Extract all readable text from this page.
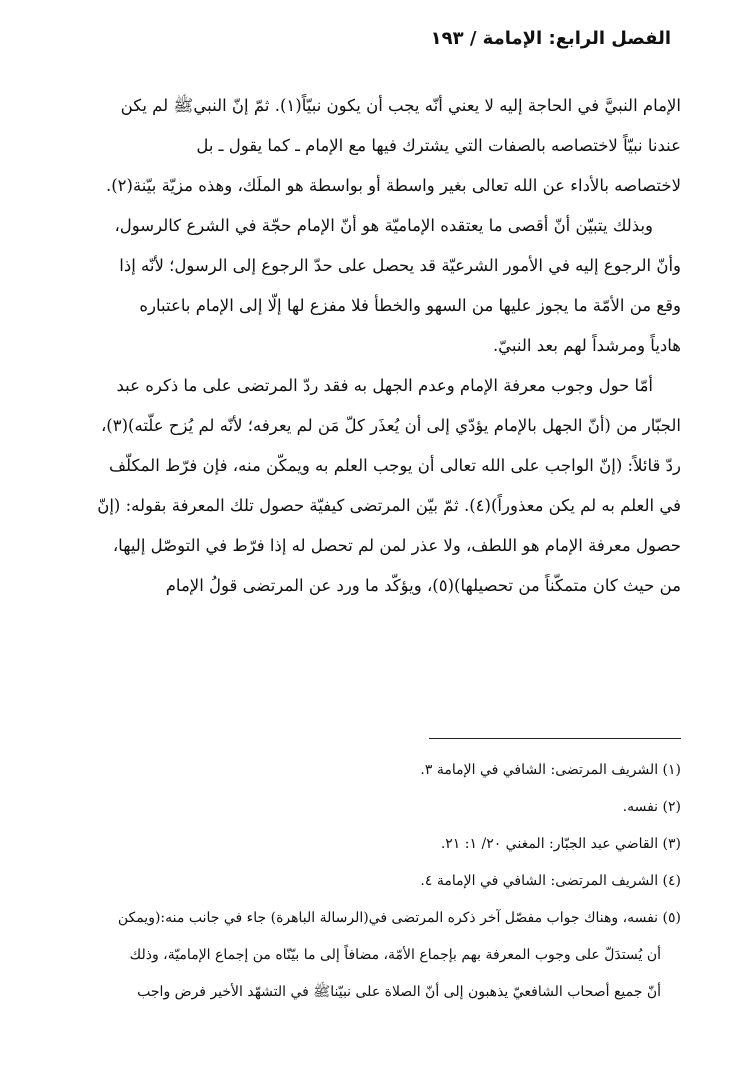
الفصل الرابع: الإمامة / ١٩٣
الإمام النبيَّ في الحاجة إليه لا يعني أنّه يجب أن يكون نبيّاً(١). ثمّ إنّ النبيﷺ لم يكن
عندنا نبيّاً لاختصاصه بالصفات التي يشترك فيها مع الإمام ـ كما يقول ـ بل
لاختصاصه بالأداء عن الله تعالى بغير واسطة أو بواسطة هو الملَك، وهذه مزيّة بيّنة(٢).
وبذلك يتبيّن أنّ أقصى ما يعتقده الإماميّة هو أنّ الإمام حجّة في الشرع كالرسول،
وأنّ الرجوع إليه في الأمور الشرعيّة قد يحصل على حدّ الرجوع إلى الرسول؛ لأنّه إذا
وقع من الأمّة ما يجوز عليها من السهو والخطأ فلا مفزع لها إلّا إلى الإمام باعتباره
هادياً ومرشداً لهم بعد النبيّ.
أمّا حول وجوب معرفة الإمام وعدم الجهل به فقد ردّ المرتضى على ما ذكره عبد
الجبّار من (أنّ الجهل بالإمام يؤدّي إلى أن يُعذَر كلّ مَن لم يعرفه؛ لأنّه لم يُزح علّته)(٣)،
ردّ قائلاً: (إنّ الواجب على الله تعالى أن يوجب العلم به ويمكّن منه، فإن فرّط المكلّف
في العلم به لم يكن معذوراً)(٤). ثمّ بيّن المرتضى كيفيّة حصول تلك المعرفة بقوله: (إنّ
حصول معرفة الإمام هو اللطف، ولا عذر لمن لم تحصل له إذا فرّط في التوصّل إليها،
من حيث كان متمكّناً من تحصيلها)(٥)، ويؤكّد ما ورد عن المرتضى قولُ الإمام
(١) الشريف المرتضى: الشافي في الإمامة ٣.
(٢) نفسه.
(٣) القاضي عبد الجبّار: المغني ٢٠/ ١: ٢١.
(٤) الشريف المرتضى: الشافي في الإمامة ٤.
(٥) نفسه، وهناك جواب مفصّل آخر ذكره المرتضى في(الرسالة الباهرة) جاء في جانب منه:(ويمكن
أن يُستدَلّ على وجوب المعرفة بهم بإجماع الأمّة، مضافاً إلى ما بيّنّاه من إجماع الإماميّة، وذلك
أنّ جميع أصحاب الشافعيّ يذهبون إلى أنّ الصلاة على نبيّناﷺ في التشهّد الأخير فرض واجب
